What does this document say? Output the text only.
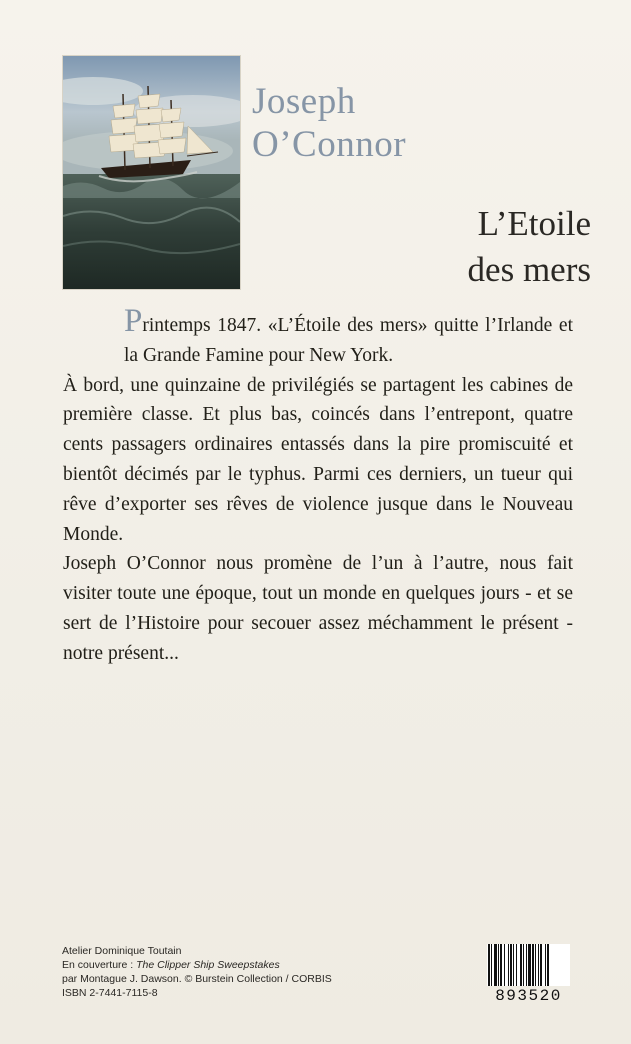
Joseph
O’Connor
L’Etoile
des mers

Printemps 1847. «L’Étoile des mers» quitte l’Irlande et la Grande Famine pour New York.

À bord, une quinzaine de privilégiés se partagent les cabines de première classe. Et plus bas, coincés dans l’entrepont, quatre cents passagers ordinaires entassés dans la pire promiscuité et bientôt décimés par le typhus. Parmi ces derniers, un tueur qui rêve d’exporter ses rêves de violence jusque dans le Nouveau Monde.

Joseph O’Connor nous promène de l’un à l’autre, nous fait visiter toute une époque, tout un monde en quelques jours - et se sert de l’Histoire pour secouer assez méchamment le présent - notre présent...

Atelier Dominique Toutain
En couverture : The Clipper Ship Sweepstakes
par Montague J. Dawson. © Burstein Collection / CORBIS
ISBN 2-7441-7115-8	893520
